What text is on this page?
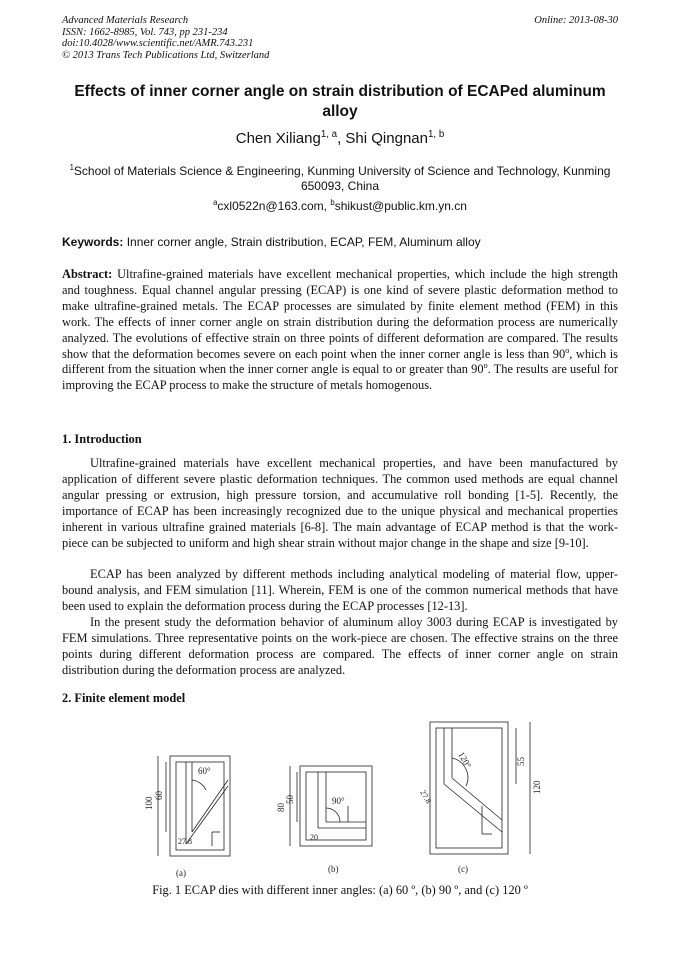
Advanced Materials Research
ISSN: 1662-8985, Vol. 743, pp 231-234
doi:10.4028/www.scientific.net/AMR.743.231
© 2013 Trans Tech Publications Ltd, Switzerland
Online: 2013-08-30
Effects of inner corner angle on strain distribution of ECAPed aluminum alloy
Chen Xiliang$^{1, a}$, Shi Qingnan$^{1, b}$
$^1$School of Materials Science & Engineering, Kunming University of Science and Technology, Kunming 650093, China
$^a$cxl0522n@163.com, $^b$shikust@public.km.yn.cn
Keywords: Inner corner angle, Strain distribution, ECAP, FEM, Aluminum alloy
Abstract: Ultrafine-grained materials have excellent mechanical properties, which include the high strength and toughness. Equal channel angular pressing (ECAP) is one kind of severe plastic deformation method to make ultrafine-grained metals. The ECAP processes are simulated by finite element method (FEM) in this work. The effects of inner corner angle on strain distribution during the deformation process are numerically analyzed. The evolutions of effective strain on three points of different deformation are compared. The results show that the deformation becomes severe on each point when the inner corner angle is less than 90$^o$, which is different from the situation when the inner corner angle is equal to or greater than 90$^o$. The results are useful for improving the ECAP process to make the structure of metals homogenous.
1. Introduction
Ultrafine-grained materials have excellent mechanical properties, and have been manufactured by application of different severe plastic deformation techniques. The common used methods are equal channel angular pressing or extrusion, high pressure torsion, and accumulative roll bonding [1-5]. Recently, the importance of ECAP has been increasingly recognized due to the unique physical and mechanical properties inherent in various ultrafine grained materials [6-8]. The main advantage of ECAP method is that the work-piece can be subjected to uniform and high shear strain without major change in the shape and size [9-10].
ECAP has been analyzed by different methods including analytical modeling of material flow, upper-bound analysis, and FEM simulation [11]. Wherein, FEM is one of the common numerical methods that have been used to explain the deformation process during the ECAP processes [12-13].
In the present study the deformation behavior of aluminum alloy 3003 during ECAP is investigated by FEM simulations. Three representative points on the work-piece are chosen. The effective strains on the three points during different deformation process are compared. The effects of inner corner angle on strain distribution during the deformation process are analyzed.
2. Finite element model
100
60
60°
27.8
(a)
80
50	90°
20
(b)
55
120
120°
27.8
(c)
Fig. 1 ECAP dies with different inner angles: (a) 60 º, (b) 90 º, and (c) 120 º
